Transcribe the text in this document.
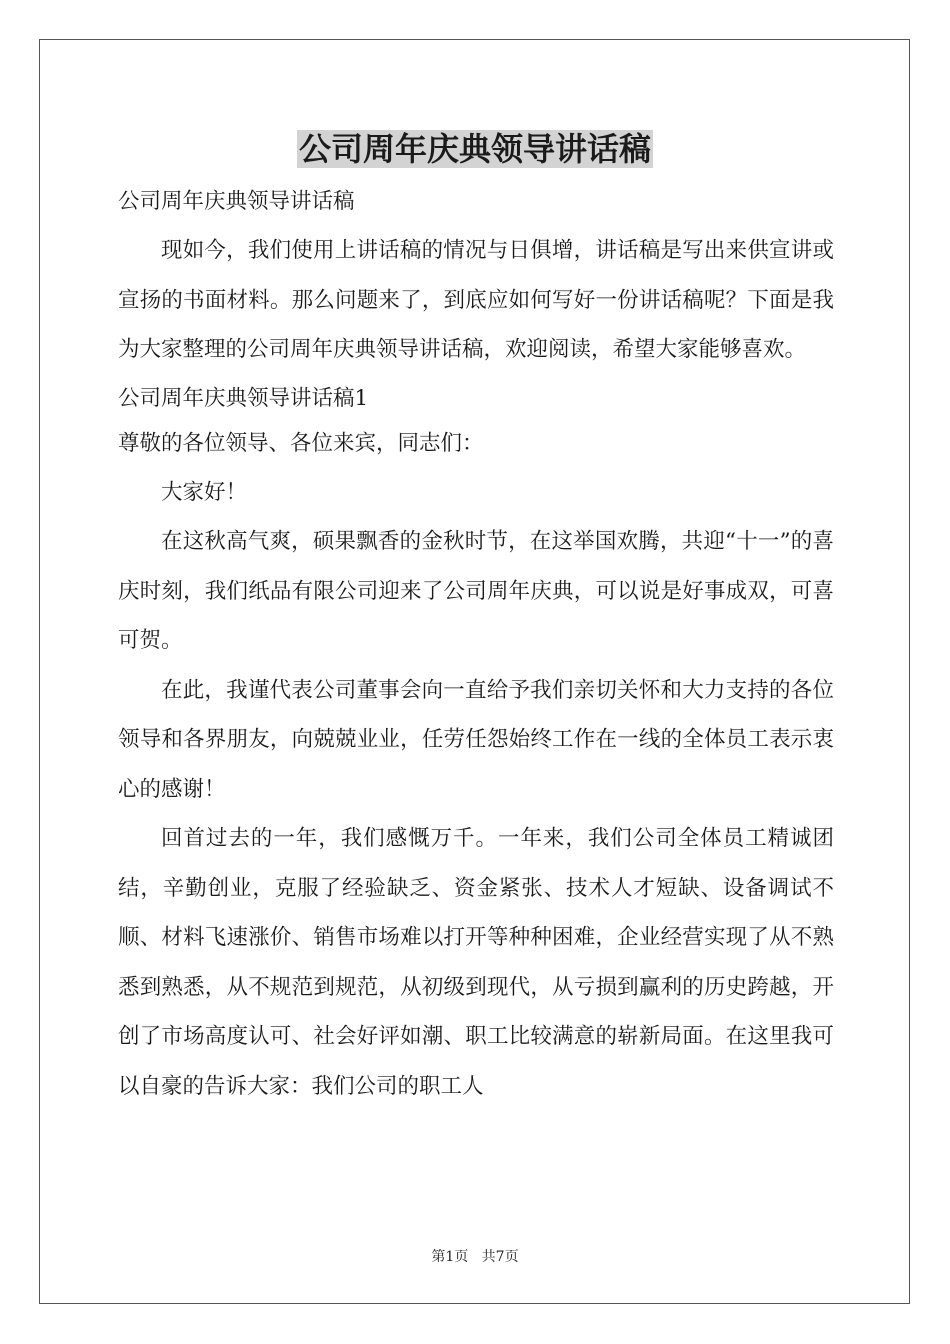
公司周年庆典领导讲话稿

公司周年庆典领导讲话稿

现如今，我们使用上讲话稿的情况与日俱增，讲话稿是写出来供宣讲或宣扬的书面材料。那么问题来了，到底应如何写好一份讲话稿呢？下面是我为大家整理的公司周年庆典领导讲话稿，欢迎阅读，希望大家能够喜欢。

公司周年庆典领导讲话稿1

尊敬的各位领导、各位来宾，同志们：

大家好！

在这秋高气爽，硕果飘香的金秋时节，在这举国欢腾，共迎“十一”的喜庆时刻，我们纸品有限公司迎来了公司周年庆典，可以说是好事成双，可喜可贺。

在此，我谨代表公司董事会向一直给予我们亲切关怀和大力支持的各位领导和各界朋友，向兢兢业业，任劳任怨始终工作在一线的全体员工表示衷心的感谢！

回首过去的一年，我们感慨万千。一年来，我们公司全体员工精诚团结，辛勤创业，克服了经验缺乏、资金紧张、技术人才短缺、设备调试不顺、材料飞速涨价、销售市场难以打开等种种困难，企业经营实现了从不熟悉到熟悉，从不规范到规范，从初级到现代，从亏损到赢利的历史跨越，开创了市场高度认可、社会好评如潮、职工比较满意的崭新局面。在这里我可以自豪的告诉大家：我们公司的职工人

第1页   共7页
